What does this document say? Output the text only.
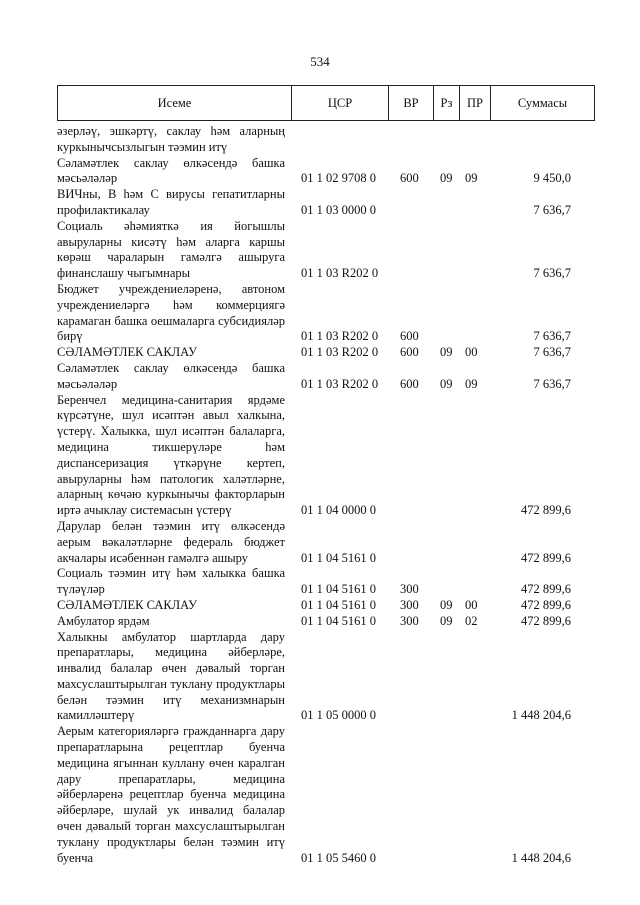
534
Исеме	ЦСР	ВР	Рз	ПР	Суммасы
әзерләү, эшкәртү, саклау һәм аларның куркынычсызлыгын тәэмин итү
Сәламәтлек саклау өлкәсендә башка мәсьәләләр	01 1 02 9708 0 600 09 09	9 450,0
ВИЧны, В һәм С вирусы гепатитларны профилактикалау	01 1 03 0000 0	7 636,7
Социаль әһәмияткә ия йогышлы авыруларны кисәтү һәм аларга каршы көрәш чараларын гамәлгә ашыруга финанслашу чыгымнары	01 1 03 R202 0	7 636,7
Бюджет учреждениеләренә, автоном учреждениеләргә һәм коммерциягә карамаган башка оешмаларга субсидияләр бирү	01 1 03 R202 0 600	7 636,7
СӘЛАМӘТЛЕК САКЛАУ	01 1 03 R202 0 600 09 00	7 636,7
Сәламәтлек саклау өлкәсендә башка мәсьәләләр	01 1 03 R202 0 600 09 09	7 636,7
Беренчел медицина-санитария ярдәме күрсәтүне, шул исәптән авыл халкына, үстерү. Халыкка, шул исәптән балаларга, медицина тикшерүләре һәм диспансеризация үткәрүне кертеп, авыруларны һәм патологик халәтләрне, аларның көчәю куркынычы факторларын иртә ачыклау системасын үстерү	01 1 04 0000 0	472 899,6
Дарулар белән тәэмин итү өлкәсендә аерым вәкаләтләрне федераль бюджет акчалары исәбеннән гамәлгә ашыру	01 1 04 5161 0	472 899,6
Социаль тәэмин итү һәм халыкка башка түләүләр	01 1 04 5161 0 300	472 899,6
СӘЛАМӘТЛЕК САКЛАУ	01 1 04 5161 0 300 09 00	472 899,6
Амбулатор ярдәм	01 1 04 5161 0 300 09 02	472 899,6
Халыкны амбулатор шартларда дару препаратлары, медицина әйберләре, инвалид балалар өчен дәвалый торган махсуслаштырылган туклану продуктлары белән тәэмин итү механизмнарын камилләштерү	01 1 05 0000 0	1 448 204,6
Аерым категорияләргә гражданнарга дару препаратларына рецептлар буенча медицина ягыннан куллану өчен каралган дару препаратлары, медицина әйберләренә рецептлар буенча медицина әйберләре, шулай ук инвалид балалар өчен дәвалый торган махсуслаштырылган туклану продуктлары белән тәэмин итү буенча	01 1 05 5460 0	1 448 204,6
